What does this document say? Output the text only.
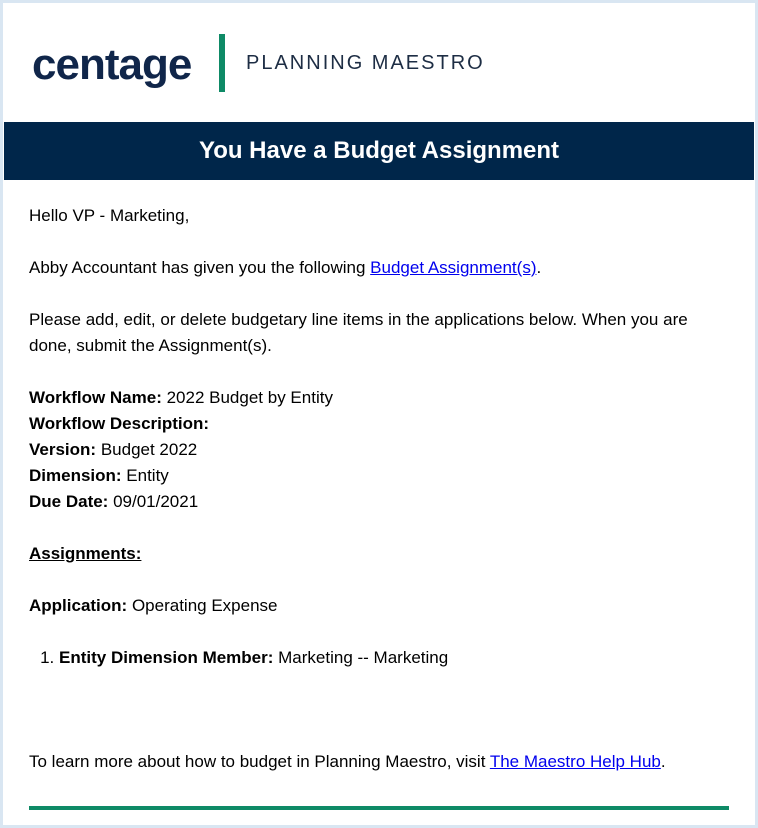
centage	PLANNING MAESTRO
You Have a Budget Assignment

Hello VP - Marketing,

Abby Accountant has given you the following Budget Assignment(s).

Please add, edit, or delete budgetary line items in the applications below. When you are done, submit the Assignment(s).

Workflow Name: 2022 Budget by Entity

Workflow Description:

Version: Budget 2022

Dimension: Entity

Due Date: 09/01/2021

Assignments:

Application: Operating Expense

1. Entity Dimension Member: Marketing -- Marketing

To learn more about how to budget in Planning Maestro, visit The Maestro Help Hub.
